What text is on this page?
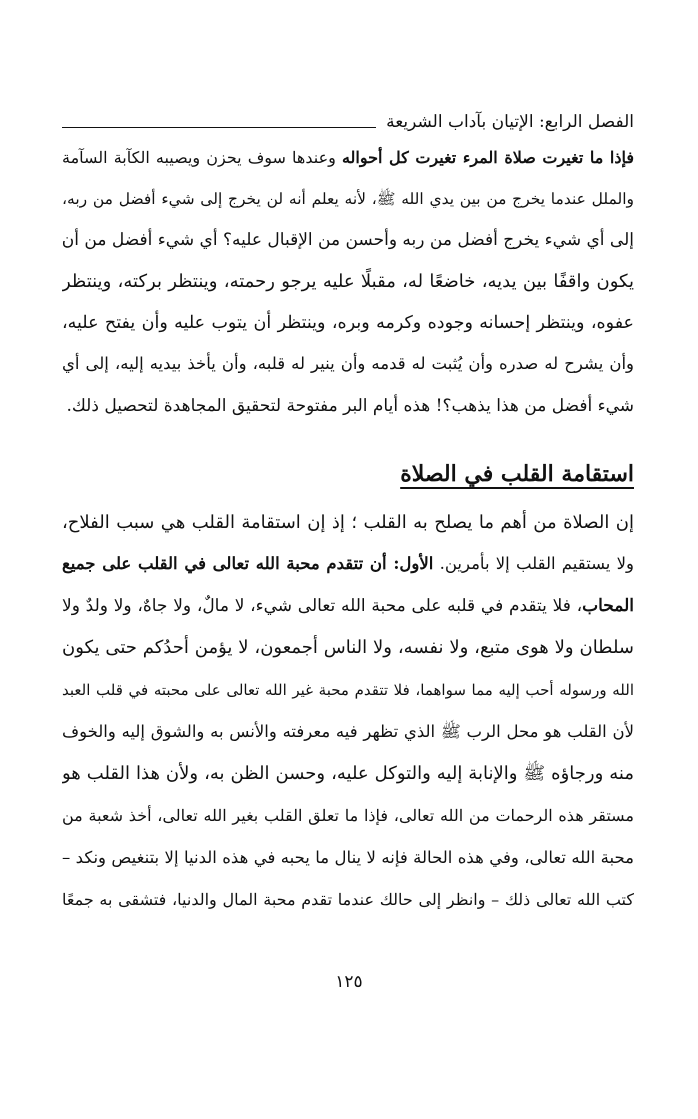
الفصل الرابع: الإتيان بآداب الشريعة
فإذا ما تغيرت صلاة المرء تغيرت كل أحواله وعندها سوف يحزن ويصيبه الكآبة السآمة
والملل عندما يخرج من بين يدي الله ﷺ، لأنه يعلم أنه لن يخرج إلى شيء أفضل من ربه،
إلى أي شيء يخرج أفضل من ربه وأحسن من الإقبال عليه؟ أي شيء أفضل من أن
يكون واقفًا بين يديه، خاضعًا له، مقبلًا عليه يرجو رحمته، وينتظر بركته، وينتظر
عفوه، وينتظر إحسانه وجوده وكرمه وبره، وينتظر أن يتوب عليه وأن يفتح عليه،
وأن يشرح له صدره وأن يُثبت له قدمه وأن ينير له قلبه، وأن يأخذ بيديه إليه، إلى أي
شيء أفضل من هذا يذهب؟! هذه أيام البر مفتوحة لتحقيق المجاهدة لتحصيل ذلك.
استقامة القلب في الصلاة
إن الصلاة من أهم ما يصلح به القلب ؛ إذ إن استقامة القلب هي سبب الفلاح،
ولا يستقيم القلب إلا بأمرين. الأول: أن تتقدم محبة الله تعالى في القلب على جميع
المحاب، فلا يتقدم في قلبه على محبة الله تعالى شيء، لا مالٌ، ولا جاهٌ، ولا ولدٌ ولا
سلطان ولا هوى متبع، ولا نفسه، ولا الناس أجمعون، لا يؤمن أحدُكم حتى يكون
الله ورسوله أحب إليه مما سواهما، فلا تتقدم محبة غير الله تعالى على محبته في قلب العبد
لأن القلب هو محل الرب ﷺ الذي تظهر فيه معرفته والأنس به والشوق إليه والخوف
منه ورجاؤه ﷺ والإنابة إليه والتوكل عليه، وحسن الظن به، ولأن هذا القلب هو
مستقر هذه الرحمات من الله تعالى، فإذا ما تعلق القلب بغير الله تعالى، أخذ شعبة من
محبة الله تعالى، وفي هذه الحالة فإنه لا ينال ما يحبه في هذه الدنيا إلا بتنغيص ونكد –
كتب الله تعالى ذلك – وانظر إلى حالك عندما تقدم محبة المال والدنيا، فتشقى به جمعًا
١٢٥
